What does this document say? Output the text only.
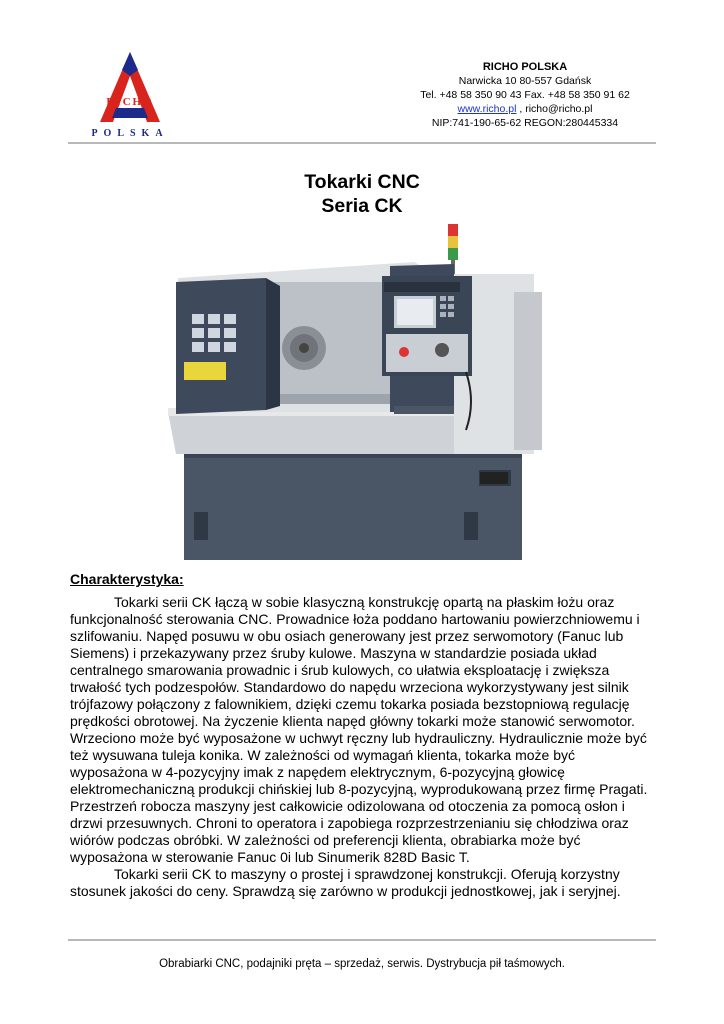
RICHO
POLSKA
RICHO POLSKA
Narwicka 10 80-557 Gdańsk
Tel. +48 58 350 90 43 Fax. +48 58 350 91 62
www.richo.pl , richo@richo.pl
NIP:741-190-65-62 REGON:280445334
Tokarki CNC
Seria CK
Charakterystyka:

Tokarki serii CK łączą w sobie klasyczną konstrukcję opartą na płaskim łożu oraz funkcjonalność sterowania CNC. Prowadnice łoża poddano hartowaniu powierzchniowemu i szlifowaniu. Napęd posuwu w obu osiach generowany jest przez serwomotory (Fanuc lub Siemens) i przekazywany przez śruby kulowe. Maszyna w standardzie posiada układ centralnego smarowania prowadnic i śrub kulowych, co ułatwia eksploatację i zwiększa trwałość tych podzespołów. Standardowo do napędu wrzeciona wykorzystywany jest silnik trójfazowy połączony z falownikiem, dzięki czemu tokarka posiada bezstopniową regulację prędkości obrotowej. Na życzenie klienta napęd główny tokarki może stanowić serwomotor. Wrzeciono może być wyposażone w uchwyt ręczny lub hydrauliczny. Hydraulicznie może być też wysuwana tuleja konika. W zależności od wymagań klienta, tokarka może być wyposażona w 4-pozycyjny imak z napędem elektrycznym, 6-pozycyjną głowicę elektromechaniczną produkcji chińskiej lub 8-pozycyjną, wyprodukowaną przez firmę Pragati. Przestrzeń robocza maszyny jest całkowicie odizolowana od otoczenia za pomocą osłon i drzwi przesuwnych. Chroni to operatora i zapobiega rozprzestrzenianiu się chłodziwa oraz wiórów podczas obróbki. W zależności od preferencji klienta, obrabiarka może być wyposażona w sterowanie Fanuc 0i lub Sinumerik 828D Basic T.

Tokarki serii CK to maszyny o prostej i sprawdzonej konstrukcji. Oferują korzystny stosunek jakości do ceny. Sprawdzą się zarówno w produkcji jednostkowej, jak i seryjnej.

Obrabiarki CNC, podajniki pręta – sprzedaż, serwis. Dystrybucja pił taśmowych.
